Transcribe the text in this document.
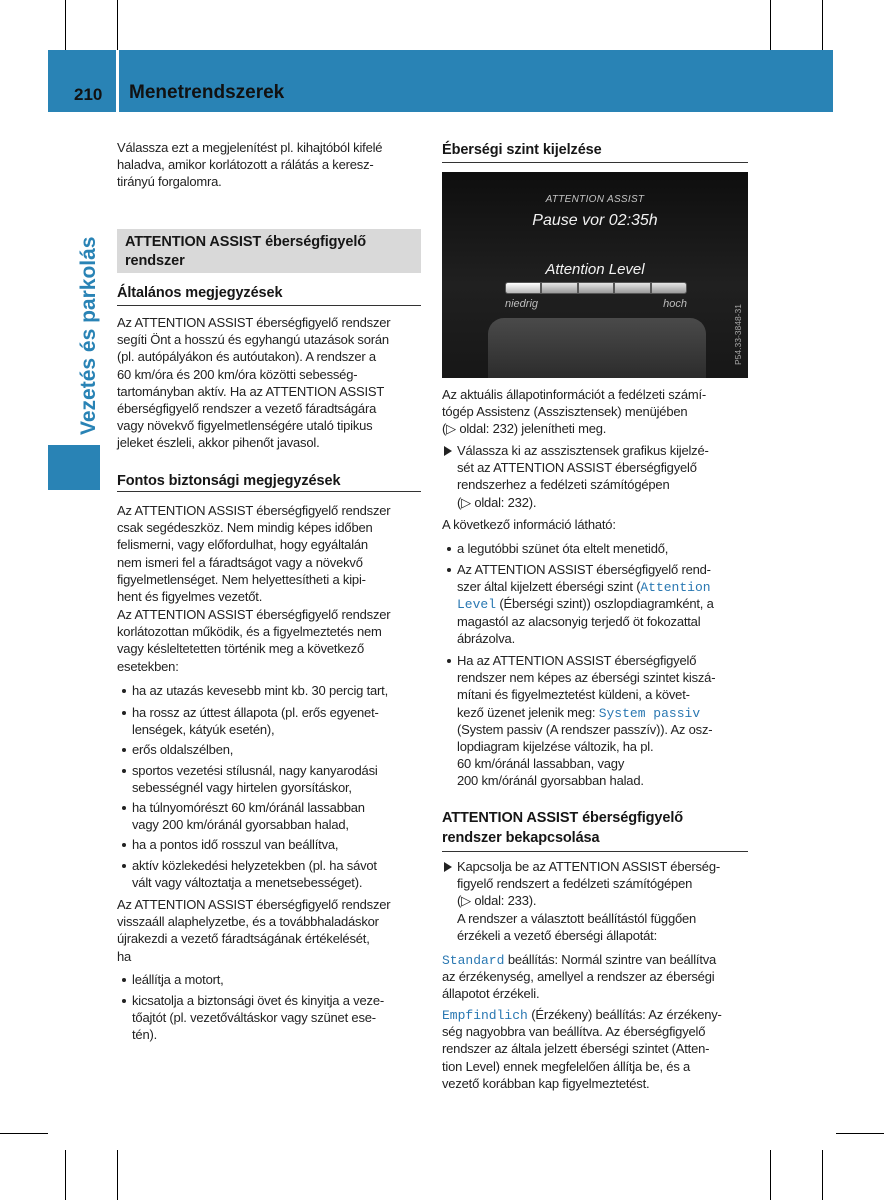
210 Menetrendszerek
Vezetés és parkolás
Válassza ezt a megjelenítést pl. kihajtóból kifelé
haladva, amikor korlátozott a rálátás a keresz-
tirányú forgalomra.
ATTENTION ASSIST éberségfigyelő
rendszer
Általános megjegyzések
Az ATTENTION ASSIST éberségfigyelő rendszer
segíti Önt a hosszú és egyhangú utazások során
(pl. autópályákon és autóutakon). A rendszer a
60 km/óra és 200 km/óra közötti sebesség-
tartományban aktív. Ha az ATTENTION ASSIST
éberségfigyelő rendszer a vezető fáradtságára
vagy növekvő figyelmetlenségére utaló tipikus
jeleket észleli, akkor pihenőt javasol.
Fontos biztonsági megjegyzések
Az ATTENTION ASSIST éberségfigyelő rendszer
csak segédeszköz. Nem mindig képes időben
felismerni, vagy előfordulhat, hogy egyáltalán
nem ismeri fel a fáradtságot vagy a növekvő
figyelmetlenséget. Nem helyettesítheti a kipi-
hent és figyelmes vezetőt.
Az ATTENTION ASSIST éberségfigyelő rendszer
korlátozottan működik, és a figyelmeztetés nem
vagy késleltetetten történik meg a következő
esetekben:
ha az utazás kevesebb mint kb. 30 percig tart,
ha rossz az úttest állapota (pl. erős egyenet-
lenségek, kátyúk esetén),
erős oldalszélben,
sportos vezetési stílusnál, nagy kanyarodási
sebességnél vagy hirtelen gyorsításkor,
ha túlnyomórészt 60 km/óránál lassabban
vagy 200 km/óránál gyorsabban halad,
ha a pontos idő rosszul van beállítva,
aktív közlekedési helyzetekben (pl. ha sávot
vált vagy változtatja a menetsebességet).
Az ATTENTION ASSIST éberségfigyelő rendszer
visszaáll alaphelyzetbe, és a továbbhaladáskor
újrakezdi a vezető fáradtságának értékelését,
ha
leállítja a motort,
kicsatolja a biztonsági övet és kinyitja a veze-
tőajtót (pl. vezetőváltáskor vagy szünet ese-
tén).
Éberségi szint kijelzése
ATTENTION ASSIST
Pause vor 02:35h
Attention Level
niedrig	hoch
P54.33-3848-31
Az aktuális állapotinformációt a fedélzeti számí-
tógép Assistenz (Asszisztensek) menüjében
(▷ oldal: 232) jelenítheti meg.
Válassza ki az asszisztensek grafikus kijelzé-
sét az ATTENTION ASSIST éberségfigyelő
rendszerhez a fedélzeti számítógépen
(▷ oldal: 232).
A következő információ látható:
a legutóbbi szünet óta eltelt menetidő,
Az ATTENTION ASSIST éberségfigyelő rend-
szer által kijelzett éberségi szint (Attention
Level (Éberségi szint)) oszlopdiagramként, a
magastól az alacsonyig terjedő öt fokozattal
ábrázolva.
Ha az ATTENTION ASSIST éberségfigyelő
rendszer nem képes az éberségi szintet kiszá-
mítani és figyelmeztetést küldeni, a követ-
kező üzenet jelenik meg: System passiv
(System passiv (A rendszer passzív)). Az osz-
lopdiagram kijelzése változik, ha pl.
60 km/óránál lassabban, vagy
200 km/óránál gyorsabban halad.
ATTENTION ASSIST éberségfigyelő
rendszer bekapcsolása
Kapcsolja be az ATTENTION ASSIST éberség-
figyelő rendszert a fedélzeti számítógépen
(▷ oldal: 233).
A rendszer a választott beállítástól függően
érzékeli a vezető éberségi állapotát:
Standard beállítás: Normál szintre van beállítva
az érzékenység, amellyel a rendszer az éberségi
állapotot érzékeli.
Empfindlich (Érzékeny) beállítás: Az érzékeny-
ség nagyobbra van beállítva. Az éberségfigyelő
rendszer az általa jelzett éberségi szintet (Atten-
tion Level) ennek megfelelően állítja be, és a
vezető korábban kap figyelmeztetést.
